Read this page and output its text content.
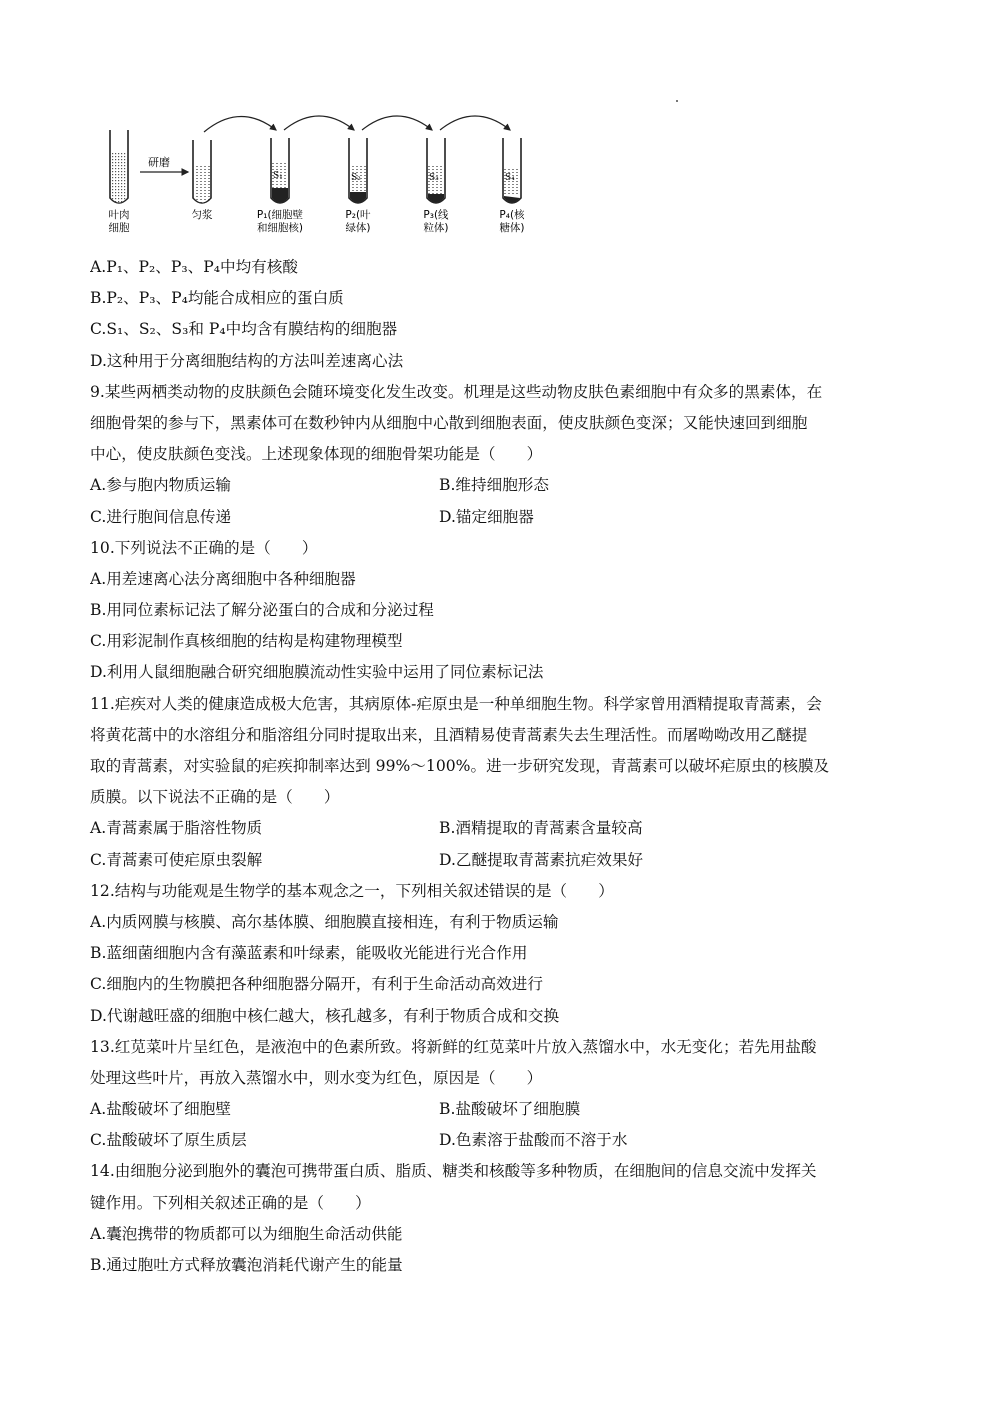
研磨
S₁	S₂	S₃	S₄
叶肉
细胞
匀浆	P₁(细胞壁
和细胞核)
P₂(叶
绿体)
P₃(线
粒体)
P₄(核
糖体)
A.P₁、P₂、P₃、P₄中均有核酸
B.P₂、P₃、P₄均能合成相应的蛋白质
C.S₁、S₂、S₃和 P₄中均含有膜结构的细胞器
D.这种用于分离细胞结构的方法叫差速离心法
9.某些两栖类动物的皮肤颜色会随环境变化发生改变。机理是这些动物皮肤色素细胞中有众多的黑素体，在
细胞骨架的参与下，黑素体可在数秒钟内从细胞中心散到细胞表面，使皮肤颜色变深；又能快速回到细胞
中心，使皮肤颜色变浅。上述现象体现的细胞骨架功能是（　　）
A.参与胞内物质运输	B.维持细胞形态
C.进行胞间信息传递	D.锚定细胞器
10.下列说法不正确的是（　　）
A.用差速离心法分离细胞中各种细胞器
B.用同位素标记法了解分泌蛋白的合成和分泌过程
C.用彩泥制作真核细胞的结构是构建物理模型
D.利用人鼠细胞融合研究细胞膜流动性实验中运用了同位素标记法
11.疟疾对人类的健康造成极大危害，其病原体-疟原虫是一种单细胞生物。科学家曾用酒精提取青蒿素，会
将黄花蒿中的水溶组分和脂溶组分同时提取出来，且酒精易使青蒿素失去生理活性。而屠呦呦改用乙醚提
取的青蒿素，对实验鼠的疟疾抑制率达到 99%～100%。进一步研究发现，青蒿素可以破坏疟原虫的核膜及
质膜。以下说法不正确的是（　　）
A.青蒿素属于脂溶性物质	B.酒精提取的青蒿素含量较高
C.青蒿素可使疟原虫裂解	D.乙醚提取青蒿素抗疟效果好
12.结构与功能观是生物学的基本观念之一，下列相关叙述错误的是（　　）
A.内质网膜与核膜、高尔基体膜、细胞膜直接相连，有利于物质运输
B.蓝细菌细胞内含有藻蓝素和叶绿素，能吸收光能进行光合作用
C.细胞内的生物膜把各种细胞器分隔开，有利于生命活动高效进行
D.代谢越旺盛的细胞中核仁越大，核孔越多，有利于物质合成和交换
13.红苋菜叶片呈红色，是液泡中的色素所致。将新鲜的红苋菜叶片放入蒸馏水中，水无变化；若先用盐酸
处理这些叶片，再放入蒸馏水中，则水变为红色，原因是（　　）
A.盐酸破坏了细胞壁	B.盐酸破坏了细胞膜
C.盐酸破坏了原生质层	D.色素溶于盐酸而不溶于水
14.由细胞分泌到胞外的囊泡可携带蛋白质、脂质、糖类和核酸等多种物质，在细胞间的信息交流中发挥关
键作用。下列相关叙述正确的是（　　）
A.囊泡携带的物质都可以为细胞生命活动供能
B.通过胞吐方式释放囊泡消耗代谢产生的能量
